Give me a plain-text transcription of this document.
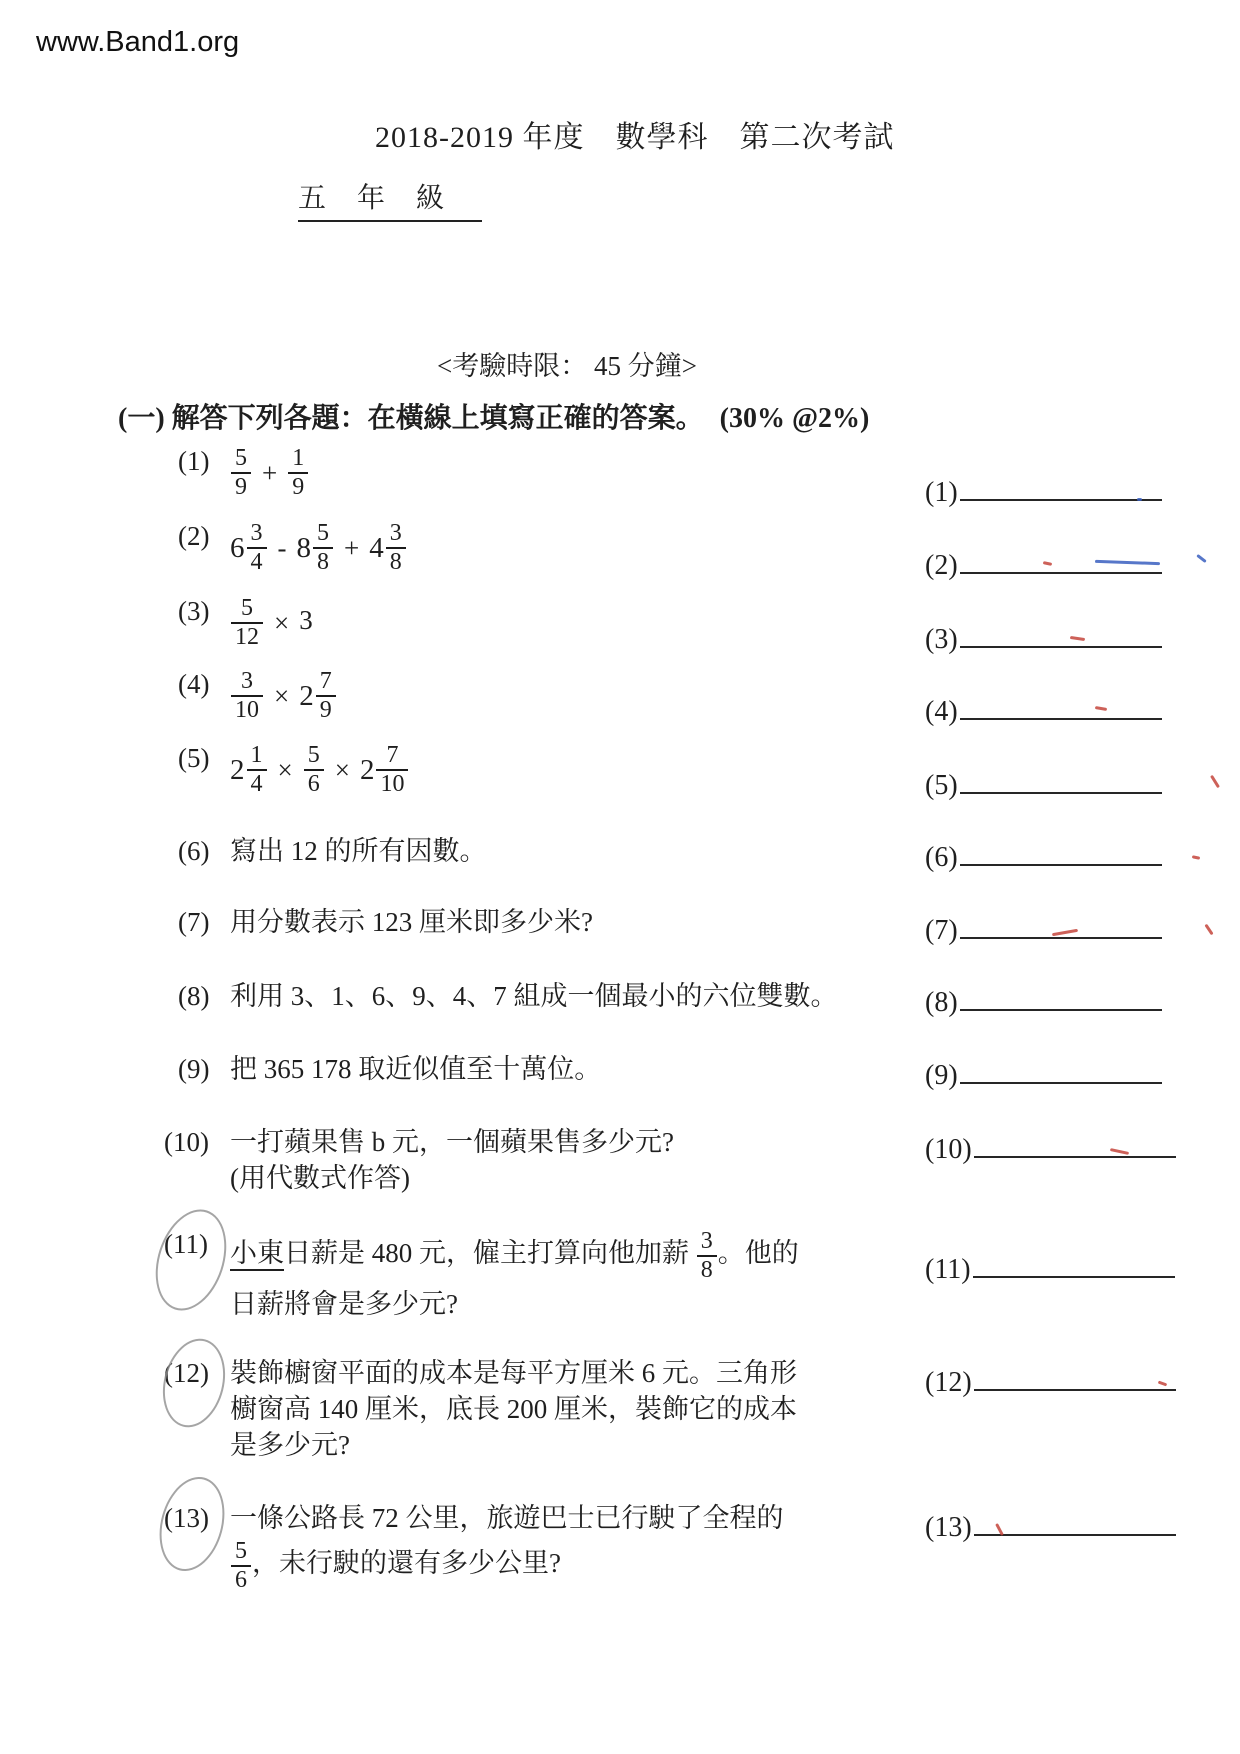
www.Band1.org
2018-2019 年度　數學科　第二次考試
五 年 級
<考驗時限： 45 分鐘>
(一) 解答下列各題：在橫線上填寫正確的答案。 (30% @2%)
$(1) \frac{5}{9} + \frac{1}{9}$
(2) $6 \frac{3}{4} - 8 \frac{5}{8} + 4 \frac{3}{8}$
$(3) \frac{5}{12} \times 3$
$(4) \frac{3}{10} \times 2 \frac{7}{9}$
(5) $2 \frac{1}{4} \times \frac{5}{6} \times 2 \frac{7}{10}$
(6) 寫出 12 的所有因數。
(7) 用分數表示 123 厘米即多少米?
(8) 利用 3、1、6、9、4、7 組成一個最小的六位雙數。
(9) 把 365 178 取近似值至十萬位。
(10) 一打蘋果售 b 元，一個蘋果售多少元?
(用代數式作答)
(11) 小東日薪是 480 元，僱主打算向他加薪 $\frac{3}{8}$ 。他的
日薪將會是多少元?
(12) 裝飾櫥窗平面的成本是每平方厘米 6 元。三角形
櫥窗高 140 厘米，底長 200 厘米，裝飾它的成本
是多少元?
(13) 一條公路長 72 公里，旅遊巴士已行駛了全程的
$\frac{5}{6}$ ，未行駛的還有多少公里?
(1)
(2)
(3)
(4)
(5)
(6)
(7)
(8)
(9)
(10)
(11)
(12)
(13)
